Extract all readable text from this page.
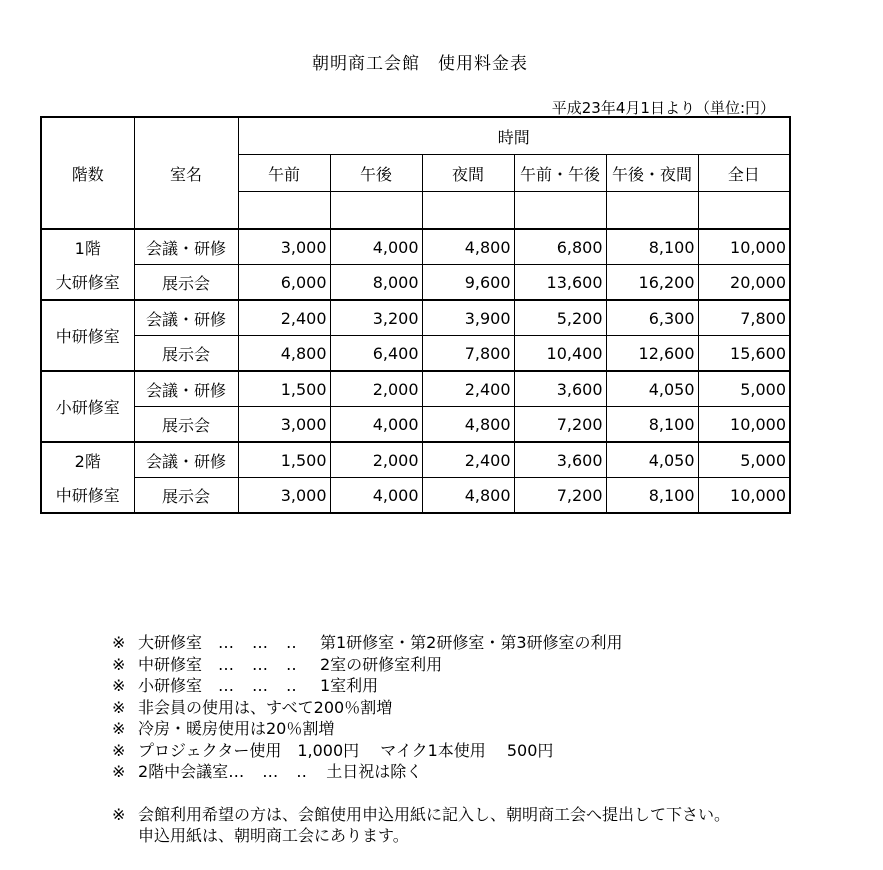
朝明商工会館　使用料金表
平成23年4月1日より（単位:円）
階数	室名	時間					
		午前	午後	夜間	午前・午後	午後・夜間	全日

1階	会議・研修	3,000	4,000	4,800	6,800	8,100	10,000
大研修室	展示会	6,000	8,000	9,600	13,600	16,200	20,000
中研修室	会議・研修	2,400	3,200	3,900	5,200	6,300	7,800
	展示会	4,800	6,400	7,800	10,400	12,600	15,600
小研修室	会議・研修	1,500	2,000	2,400	3,600	4,050	5,000
	展示会	3,000	4,000	4,800	7,200	8,100	10,000
2階	会議・研修	1,500	2,000	2,400	3,600	4,050	5,000
中研修室	展示会	3,000	4,000	4,800	7,200	8,100	10,000
※ 大研修室 …　…　‥ 第1研修室・第2研修室・第3研修室の利用
※ 中研修室 …　…　‥ 2室の研修室利用
※ 小研修室 …　…　‥ 1室利用
※ 非会員の使用は、すべて200％割増
※ 冷房・暖房使用は20％割増
※ プロジェクター使用　1,000円　 マイク1本使用　 500円
※ 2階中会議室…　…　‥ 土日祝は除く
※ 会館利用希望の方は、会館使用申込用紙に記入し、朝明商工会へ提出して下さい。
申込用紙は、朝明商工会にあります。
